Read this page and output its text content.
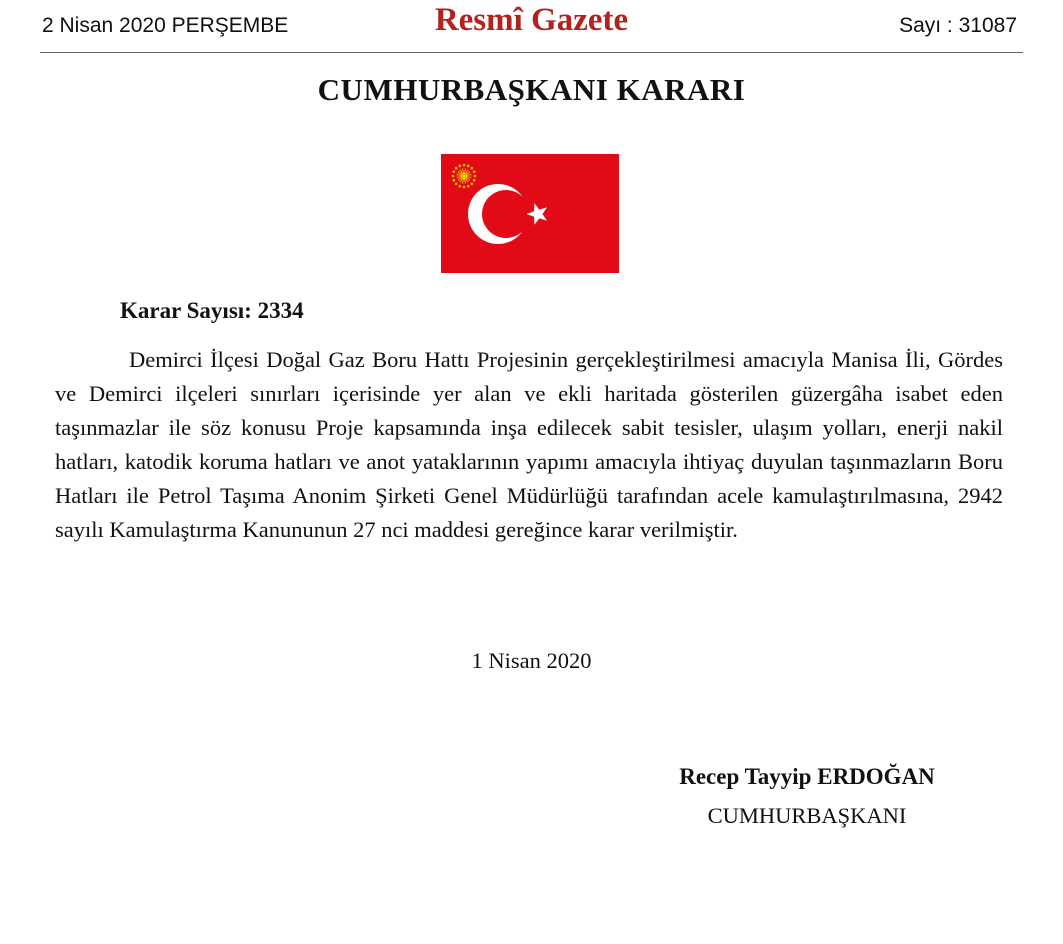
2 Nisan 2020 PERŞEMBE	Resmî Gazete	Sayı : 31087
CUMHURBAŞKANI KARARI
Karar Sayısı: 2334

Demirci İlçesi Doğal Gaz Boru Hattı Projesinin gerçekleştirilmesi amacıyla Manisa İli, Gördes ve Demirci ilçeleri sınırları içerisinde yer alan ve ekli haritada gösterilen güzergâha isabet eden taşınmazlar ile söz konusu Proje kapsamında inşa edilecek sabit tesisler, ulaşım yolları, enerji nakil hatları, katodik koruma hatları ve anot yataklarının yapımı amacıyla ihtiyaç duyulan taşınmazların Boru Hatları ile Petrol Taşıma Anonim Şirketi Genel Müdürlüğü tarafından acele kamulaştırılmasına, 2942 sayılı Kamulaştırma Kanununun 27 nci maddesi gereğince karar verilmiştir.

1 Nisan 2020
Recep Tayyip ERDOĞAN
CUMHURBAŞKANI
